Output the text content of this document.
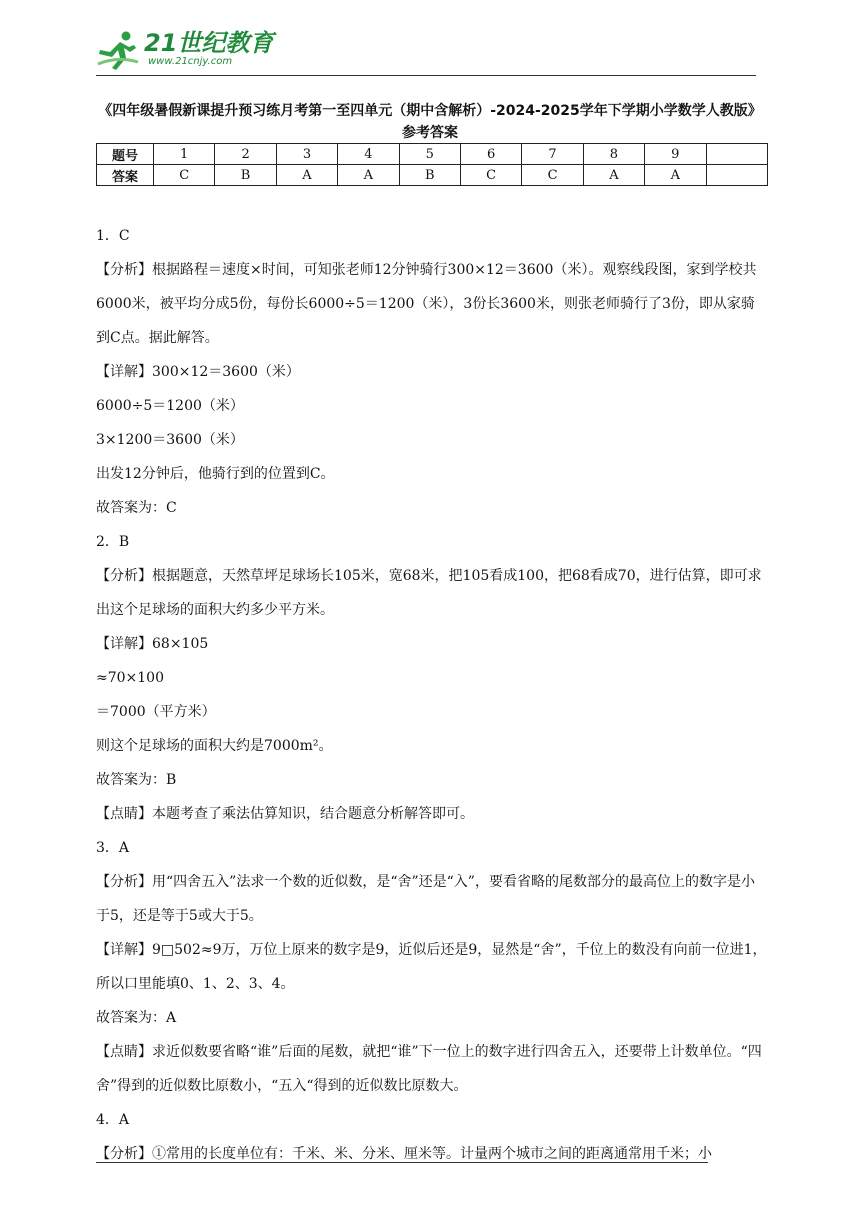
21世纪教育
www.21cnjy.com
《四年级暑假新课提升预习练月考第一至四单元（期中含解析）-2024-2025学年下学期小学数学人教版》参考答案
题号	1	2	3	4	5	6	7	8	9	
答案	C	B	A	A	B	C	C	A	A	

1．C

【分析】根据路程＝速度×时间，可知张老师12分钟骑行300×12＝3600（米）。观察线段图，家到学校共6000米，被平均分成5份，每份长6000÷5＝1200（米），3份长3600米，则张老师骑行了3份，即从家骑到C点。据此解答。

【详解】300×12＝3600（米）

6000÷5＝1200（米）

3×1200＝3600（米）

出发12分钟后，他骑行到的位置到C。

故答案为：C

2．B

【分析】根据题意，天然草坪足球场长105米，宽68米，把105看成100，把68看成70，进行估算，即可求出这个足球场的面积大约多少平方米。

【详解】68×105

≈70×100

＝7000（平方米）

则这个足球场的面积大约是7000m²。

故答案为：B

【点睛】本题考查了乘法估算知识，结合题意分析解答即可。

3．A

【分析】用“四舍五入”法求一个数的近似数，是“舍”还是“入”，要看省略的尾数部分的最高位上的数字是小于5，还是等于5或大于5。

【详解】9□502≈9万，万位上原来的数字是9，近似后还是9，显然是“舍”，千位上的数没有向前一位进1，所以口里能填0、1、2、3、4。

故答案为：A

【点睛】求近似数要省略“谁”后面的尾数，就把“谁”下一位上的数字进行四舍五入，还要带上计数单位。“四舍”得到的近似数比原数小，“五入“得到的近似数比原数大。

4．A

【分析】①常用的长度单位有：千米、米、分米、厘米等。计量两个城市之间的距离通常用千米；小
